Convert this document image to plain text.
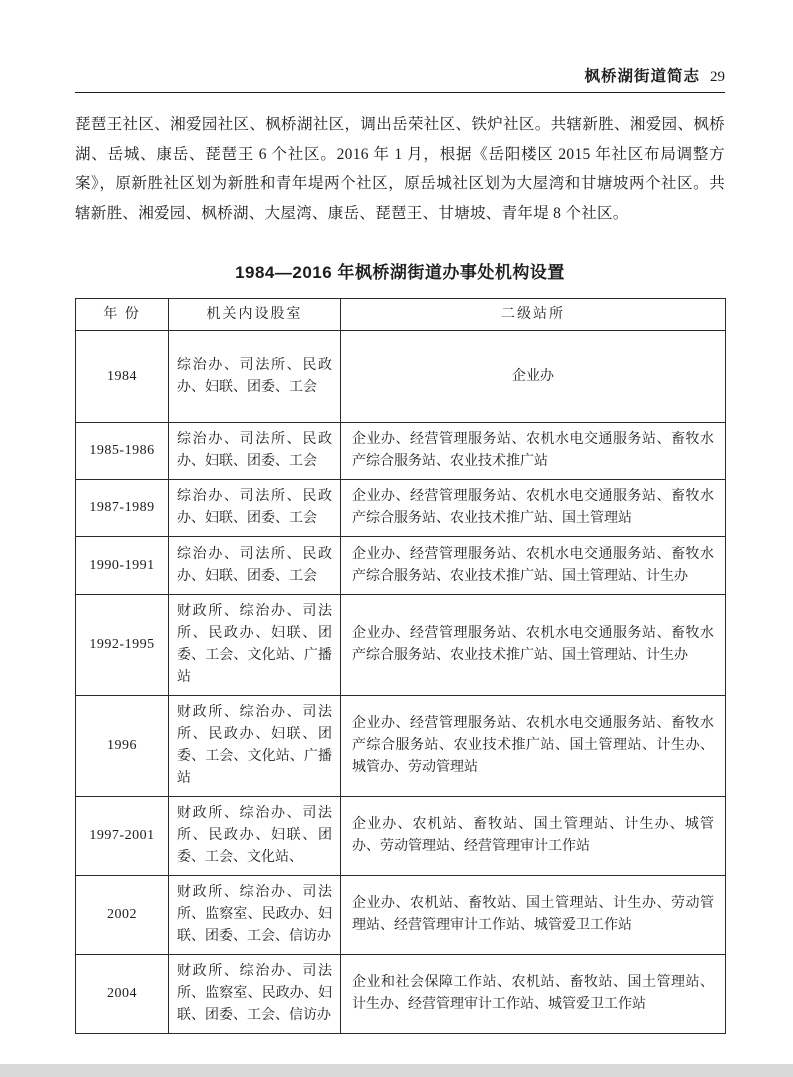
枫桥湖街道简志 29

琵琶王社区、湘爱园社区、枫桥湖社区，调出岳荣社区、铁炉社区。共辖新胜、湘爱园、枫桥湖、岳城、康岳、琵琶王 6 个社区。2016 年 1 月，根据《岳阳楼区 2015 年社区布局调整方案》，原新胜社区划为新胜和青年堤两个社区，原岳城社区划为大屋湾和甘塘坡两个社区。共辖新胜、湘爱园、枫桥湖、大屋湾、康岳、琵琶王、甘塘坡、青年堤 8 个社区。

1984—2016 年枫桥湖街道办事处机构设置
年 份	机关内设股室	二级站所
1984	综治办、司法所、民政办、妇联、团委、工会	企业办
1985-1986	综治办、司法所、民政办、妇联、团委、工会	企业办、经营管理服务站、农机水电交通服务站、畜牧水产综合服务站、农业技术推广站
1987-1989	综治办、司法所、民政办、妇联、团委、工会	企业办、经营管理服务站、农机水电交通服务站、畜牧水产综合服务站、农业技术推广站、国土管理站
1990-1991	综治办、司法所、民政办、妇联、团委、工会	企业办、经营管理服务站、农机水电交通服务站、畜牧水产综合服务站、农业技术推广站、国土管理站、计生办
1992-1995	财政所、综治办、司法所、民政办、妇联、团委、工会、文化站、广播站	企业办、经营管理服务站、农机水电交通服务站、畜牧水产综合服务站、农业技术推广站、国土管理站、计生办
1996	财政所、综治办、司法所、民政办、妇联、团委、工会、文化站、广播站	企业办、经营管理服务站、农机水电交通服务站、畜牧水产综合服务站、农业技术推广站、国土管理站、计生办、城管办、劳动管理站
1997-2001	财政所、综治办、司法所、民政办、妇联、团委、工会、文化站、	企业办、农机站、畜牧站、国土管理站、计生办、城管办、劳动管理站、经营管理审计工作站
2002	财政所、综治办、司法所、监察室、民政办、妇联、团委、工会、信访办	企业办、农机站、畜牧站、国土管理站、计生办、劳动管理站、经营管理审计工作站、城管爱卫工作站
2004	财政所、综治办、司法所、监察室、民政办、妇联、团委、工会、信访办	企业和社会保障工作站、农机站、畜牧站、国土管理站、计生办、经营管理审计工作站、城管爱卫工作站
